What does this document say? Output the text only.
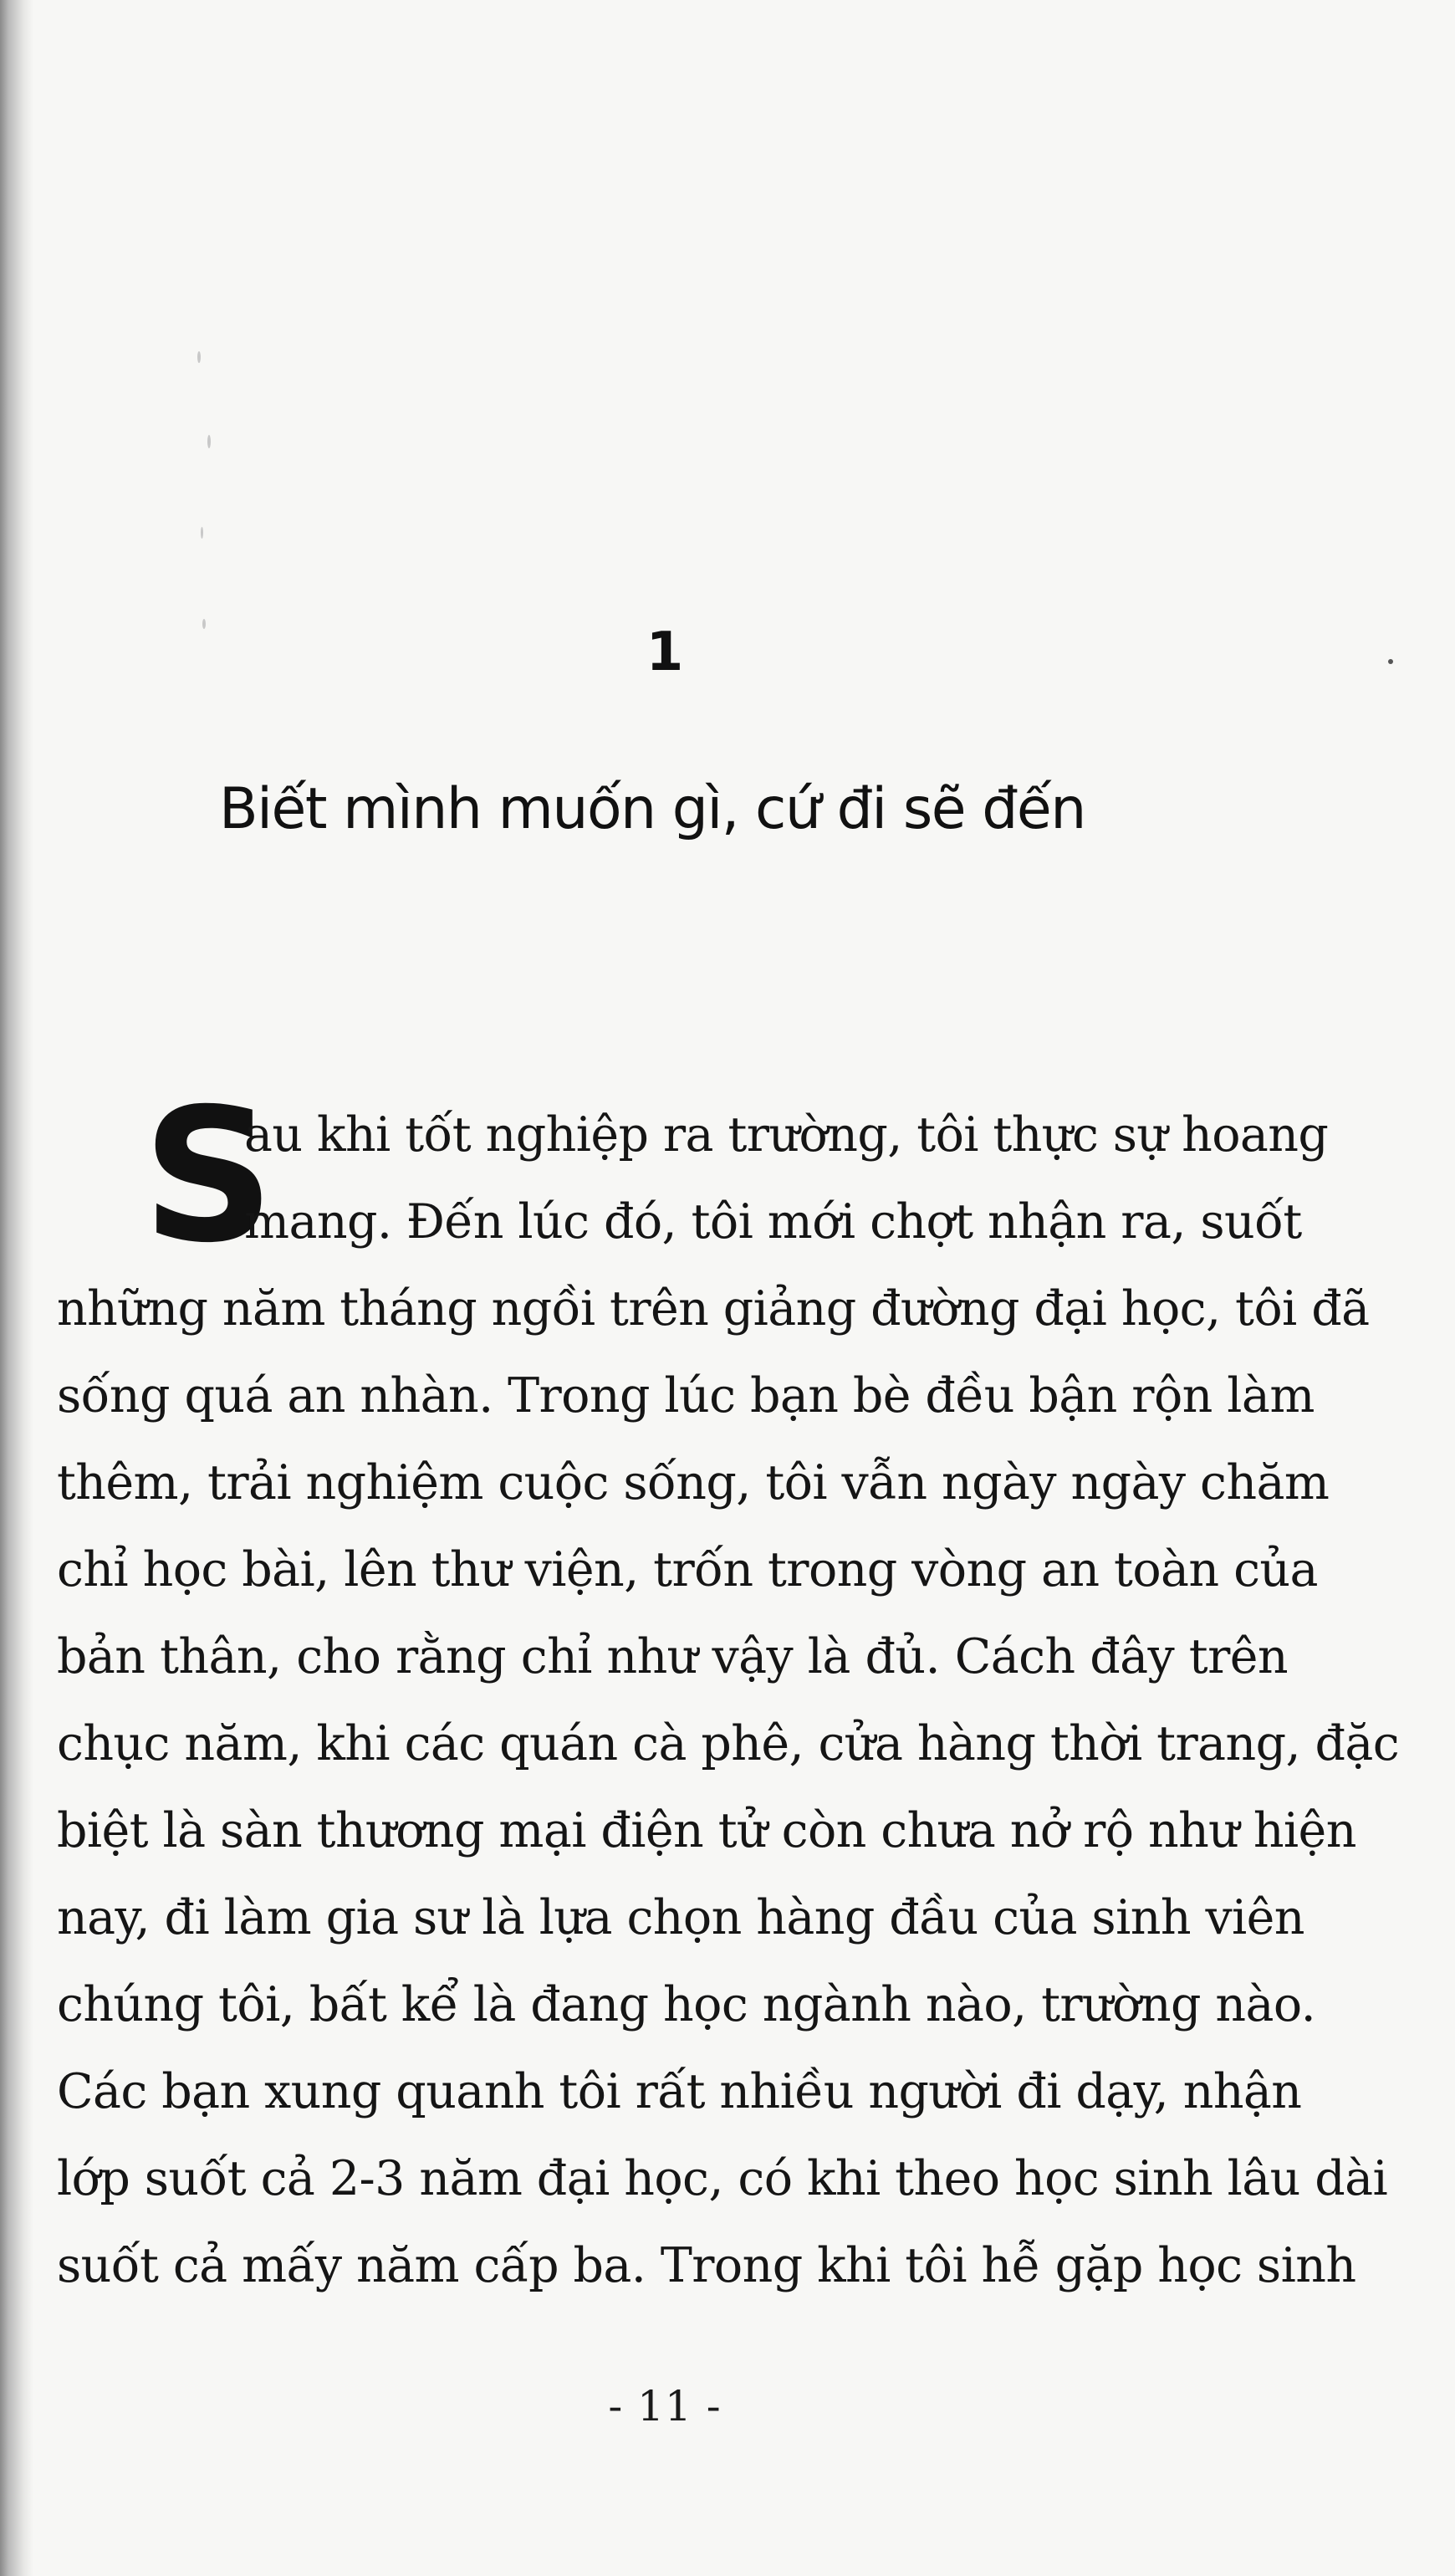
1
Biết mình muốn gì, cứ đi sẽ đến
S
au khi tốt nghiệp ra trường, tôi thực sự hoang
mang. Đến lúc đó, tôi mới chợt nhận ra, suốt
những năm tháng ngồi trên giảng đường đại học, tôi đã
sống quá an nhàn. Trong lúc bạn bè đều bận rộn làm
thêm, trải nghiệm cuộc sống, tôi vẫn ngày ngày chăm
chỉ học bài, lên thư viện, trốn trong vòng an toàn của
bản thân, cho rằng chỉ như vậy là đủ. Cách đây trên
chục năm, khi các quán cà phê, cửa hàng thời trang, đặc
biệt là sàn thương mại điện tử còn chưa nở rộ như hiện
nay, đi làm gia sư là lựa chọn hàng đầu của sinh viên
chúng tôi, bất kể là đang học ngành nào, trường nào.
Các bạn xung quanh tôi rất nhiều người đi dạy, nhận
lớp suốt cả 2-3 năm đại học, có khi theo học sinh lâu dài
suốt cả mấy năm cấp ba. Trong khi tôi hễ gặp học sinh
- 11 -
